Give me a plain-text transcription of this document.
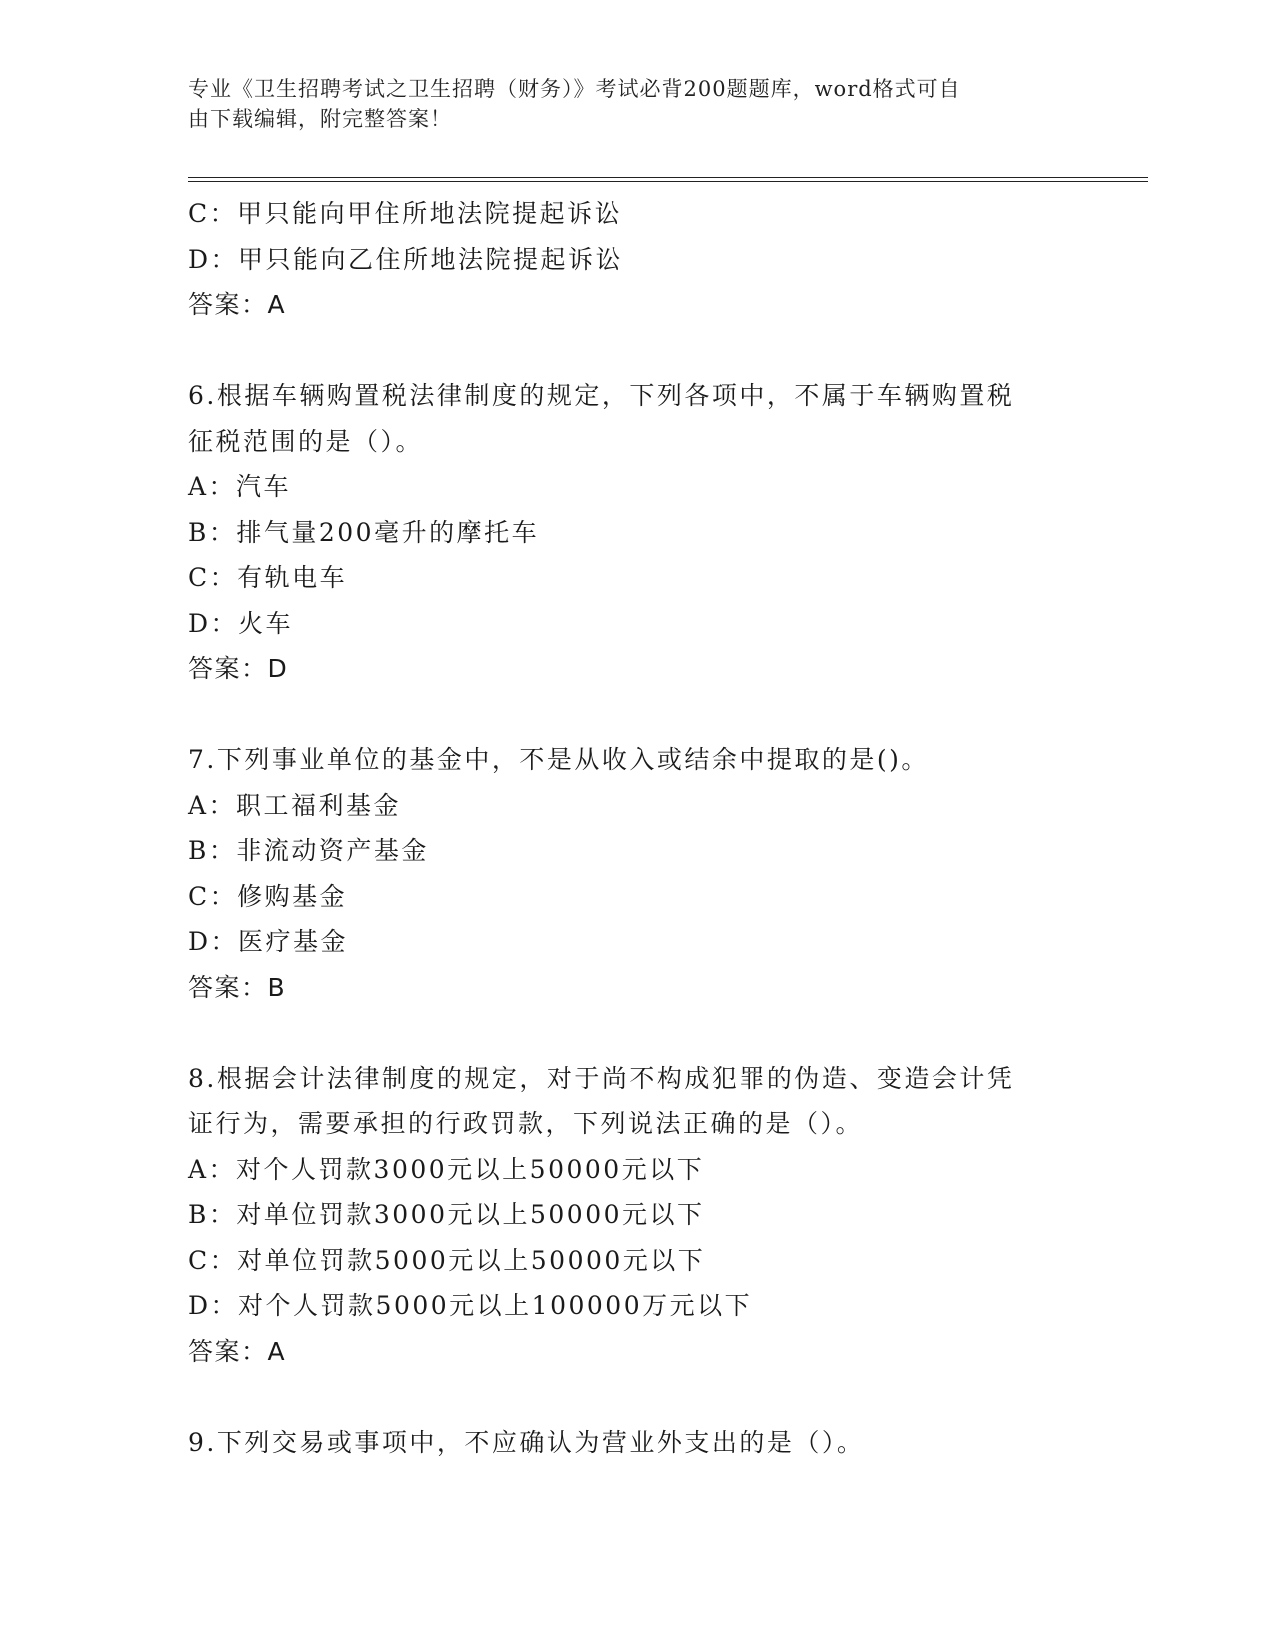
专业《卫生招聘考试之卫生招聘（财务）》考试必背200题题库，word格式可自
由下载编辑，附完整答案！
C：甲只能向甲住所地法院提起诉讼
D：甲只能向乙住所地法院提起诉讼
答案：A
6.根据车辆购置税法律制度的规定，下列各项中，不属于车辆购置税
征税范围的是（）。
A：汽车
B：排气量200毫升的摩托车
C：有轨电车
D：火车
答案：D
7.下列事业单位的基金中，不是从收入或结余中提取的是()。
A：职工福利基金
B：非流动资产基金
C：修购基金
D：医疗基金
答案：B
8.根据会计法律制度的规定，对于尚不构成犯罪的伪造、变造会计凭
证行为，需要承担的行政罚款，下列说法正确的是（）。
A：对个人罚款3000元以上50000元以下
B：对单位罚款3000元以上50000元以下
C：对单位罚款5000元以上50000元以下
D：对个人罚款5000元以上100000万元以下
答案：A
9.下列交易或事项中，不应确认为营业外支出的是（）。
